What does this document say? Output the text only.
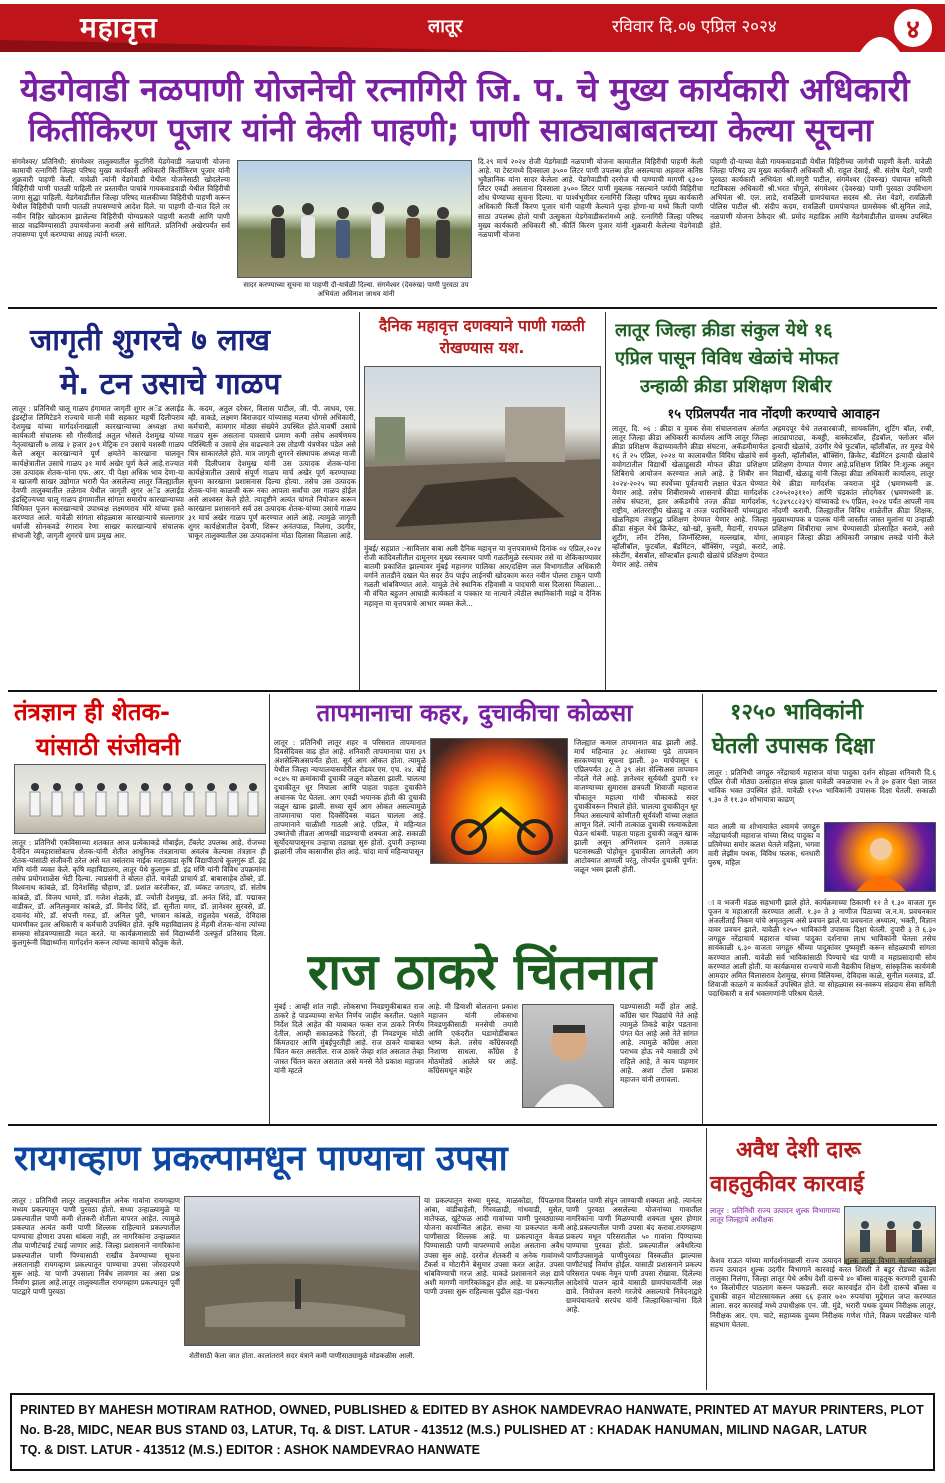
महावृत्त	लातूर	रविवार दि.०७ एप्रिल २०२४	४
येडगेवाडी नळपाणी योजनेची रत्नागिरी जि. प. चे मुख्य कार्यकारी अधिकारी
किर्तीकिरण पूजार यांनी केली पाहणी; पाणी साठ्याबाबतच्या केल्या सूचना
संगमेश्वर/ प्रतिनिधी: संगमेश्वर तालुक्यातील कुटगिरी येडगेवाडी नळपाणी योजना कामाची रत्नागिरी जिल्हा परिषद मुख्य कार्यकारी अधिकारी किर्तीकिरण पूजार यांनी शुक्रवारी पाहणी केली. यावेळी त्यांनी येडगेवाडी येथील योजनेसाठी खोदलेल्या विहिरीची पाणी पातळी पाहिली तर प्रस्तावीत पाचांबे गायकवाडवाडी येथील विहिरीची जागा सुद्धा पाहिली. येडगेवाडीतील जिल्हा परिषद मालकीच्या विहिरीची पाहणी करून येथील विहिरीची पाणी पातळी तपासण्याचे आदेश दिले. या पाहणी दौ-यात दिले तर नवीन विहिर खोदकाम झालेल्या विहिरीची योग्यप्रकारे पाहणी करावी आणि पाणी साठा वाढविण्यासाठी उपाययोजना करावी असे सांगितले. प्रतिनिधी अखेरपर्यंत सर्व तपासण्या पूर्ण करण्याचा आग्रह त्यांनी धरला.
सादर करण्याच्या सूचना या पाहणी दौ-यावेळी दिल्या. संगमेश्वर (देवरुख) पाणी पुरवठा उप अभियंता अविनाश जाधव यांनी
दि.२९ मार्च २०२४ रोजी येडगेवाडी नळपाणी योजना कामातील विहिरीची पाहणी केली आहे. या टेस्टमध्ये दिवसाला ३५०० लिटर पाणी उपलब्ध होत असल्याचा अहवाल कनिष्ठ भुवैज्ञानिक यांना सादर केलेला आहे. येडगेवाडीची दररोज ची पाण्याची मागणी ६३०० लिटर एवढी असताना दिवसाला ३५०० लिटर पाणी मुबलक नसल्याने पर्यायी विहिरीचा शोध घेण्याच्या सूचना दिल्या. या पार्श्वभूमीवर रत्नागिरी जिल्हा परिषद मुख्य कार्यकारी अधिकारी किर्ती किरण पूजार यांनी पाहणी केल्याने पुन्हा होणा-या मध्ये किती पाणी साठा उपलब्ध होतो याची उत्सुकता येडगेवाडीकरांमध्ये आहे. रत्नागिरी जिल्हा परिषद मुख्य कार्यकारी अधिकारी श्री. कीर्ति किरण पुजार यांनी शुक्रवारी केलेल्या येडगेवाडी नळपाणी योजना
पाहणी दौ-याच्या वेळी गायकवाडवाडी येथील विहिरीच्या जागेची पाहणी केली. यावेळी जिल्हा परिषद उप मुख्य कार्यकारी अधिकारी श्री. राहुल देसाई, श्री. संतोष येडगे, पाणी पुरवठा कार्यकारी अभियंता श्री.मगुरी पाटील, संगमेश्वर (देवरुख) पंचायत समिती गटविकास अधिकारी श्री.भरत चौगुले, संगमेश्वर (देवरुख) पाणी पुरवठा उपविभाग अभियंता श्री. एल. लाडे, रावळिली ग्रामपंचायत सदस्य श्री. लेश येडगे, रावळिली पोलिस पाटील श्री. संदीप कदम, रावळिली ग्रामपंचायत ग्रामसेवक श्री.सुनिल लाडे, नळपाणी योजना ठेकेदार श्री. प्रमोद महाडिक आणि येडगेवाडीतील ग्रामस्थ उपस्थित होते.
जागृती शुगरचे ७ लाख
मे. टन उसाचे गाळप
लातूर : प्रतिनिधी चालू गाळप हंगामात जागृती शुगर अॅड अलाईड इंडस्ट्रीज लिमिटेडने राज्याचे माजी मंत्री सहकार महर्षी दिलीपराव देशमुख यांच्या मार्गदर्शनाखाली कारखान्याच्या अध्यक्षा तथा कार्यकारी संचालक सौ गौरवीताई अतुल भोसले देशमुख यांच्या नेतृत्वाखाली ७ लाख २ हजार ३०९ मेट्रिक टन उसाचे यशस्वी गाळप केले असून कारखान्याने पूर्ण क्षमतेने कारखाना चालवून कार्यक्षेत्रातील उसाचे गाळप ३१ मार्च अखेर पूर्ण केले आहे.राज्यात उस उत्पादक शेतक-यांना एफ. आर. पी पेक्षा अधिक भाव देणा-या व खाजगी साखर उद्योगात भरारी घेत असलेल्या लातूर जिल्ह्यातील देवणी तालुक्यातील तळेगाव येथील जागृती शुगर अॅड अलाईड इंडस्ट्रिज्यच्या चालू गाळप हंगामातील सांगता समारोप कारखान्याच्या विधिवत पूजन कारखान्याचे उपाध्यक्ष लक्ष्मणराव मोरे यांच्या हस्ते करण्यात आले. यावेळी सांगता सोहळ्यास कारखान्याचे सल्लागार धर्माजी सोनकवडे रंगाराव रेणा साखर कारखान्याचे संचालक संभाजी रेड्डी, जागृती शुगरचे ग्राम प्रमुख आर.
के. कदम, अतुल दरेकर, विलास पाटील, जी. पी. जाधव, एस. व्ही. वाकडे, लक्ष्मण बिराजदार यांच्यासह मलवा धोगसे अधिकारी, कर्मचारी, कामगार मोठ्या संख्येने उपस्थित होते.यावर्षी उसाचे गाळप सुरू असताना पावसाचे प्रमाण कमी तसेच अवर्षणमय परिस्थिती व उसाचे क्षेत्र वाढल्याने उस तोडणी यंत्रणेवर पडेल असे चित्र साकारलेले होते. मात्र जागृती शुगरने संस्थापक अध्यक्ष माजी मंत्री दिलीपराव देशमुख यांनी उस उत्पादक शेतक-यांना कार्यक्षेत्रातील उसाचे संपूर्ण गाळप मार्च अखेर पूर्ण करण्याच्या सूचना कारखाना प्रशासनास दिल्या होत्या. तसेच उस उत्पादक शेतक-यांना काळजी करू नका आपला सर्वांचा उस गाळप होईल असे आश्वस्त केले होते. त्यादृष्टीने अत्यंत चांगले नियोजन करून कारखाना प्रशासनाने सर्व उस उत्पादक शेतक-यांच्या उसाचे गाळप ३१ मार्च अखेर गाळप पूर्ण करण्यात आले आहे. त्यामुळे जागृती शुगर कार्यक्षेत्रातील देवणी, शिरूर अनंतपाळ, निलंगा, उदगीर, चाकूर तालुक्यातील उस उत्पादकांना मोठा दिलासा मिळाला आहे.
दैनिक महावृत्त दणक्याने पाणी गळती रोखण्यास यश.
मुंबई/ सहप्रात :-सावित्तार बाबा अली दैनिक महावृत्त या वृत्तपत्रामध्ये दिनांक ०४ एप्रिल,२०२४ रोजी कांदिवलीतील दामूनगर मुख्य रस्त्यावर पाणी गळतीमुळे रस्त्यावर तसे या शेकिकाण्यावर बातमी प्रकाशित झाल्यावर मुंबई महानगर पालिका आर/दक्षिण जल विभागातील अधिकारी वर्गाने तातडीने दखल घेत सदर ठेंप पाईप लाईनची खोदकाम करत नवीन पोलरा टाकून पाणी गळती थांबविण्यात आले. यामुळे तेथे स्थानिक रहिवासी व पादचारी यास दिलासा मिळाला... मी वंचित बहुजन आघाडी कार्यकर्ता व पत्रकार या नात्याने त्येठील स्थानिकांनी माझे व दैनिक महावृत्त या वृत्तपत्राचे आभार व्यक्त केले...
लातूर जिल्हा क्रीडा संकुल येथे १६
एप्रिल पासून विविध खेळांचे मोफत
उन्हाळी क्रीडा प्रशिक्षण शिबीर
१५ एप्रिलपर्यंत नाव नोंदणी करण्याचे आवाहन
लातूर, दि. ०६ : क्रीडा व युवक सेवा संचालनालय अंतर्गत लातूर जिल्हा क्रीडा अधिकारी कार्यालय आणि लातूर जिल्हा क्रीडा प्रशिक्षण केंद्राच्यावतीने क्रीडा संघटना, अकॅडमीमार्फत १६ ते २५ एप्रिल, २०२४ या कालावधीत विविध खेळांचे सर्व वयोगटातील विद्यार्थी खेळाडूसाठी मोफत क्रीडा प्रशिक्षण शिबिराचे आयोजन करण्यात आले आहे. हे शिबीर सन २०२४-२०२५ च्या स्पर्धेच्या पूर्वतयारी लक्षात घेऊन घेण्यात येणार आहे. तसेच शिबीरामध्ये शासनाचे क्रीडा मार्गदर्शक तसेच संघटना, इतर अकॅडमीचे तज्ज्ञ क्रीडा मार्गदर्शक, राष्ट्रीय, आंतरराष्ट्रीय खेळाडू व तज्ज्ञ पदाधिकारी यांच्याद्वारा खेळनिहाय तंत्रशुद्ध प्रशिक्षण देण्यात येणार आहे. जिल्हा क्रीडा संकुल येथे क्रिकेट, खो-खो, कुस्ती, मैदानी, रायफल शुटींग, लॉन टेनिस, जिम्नॅस्टिक्स, मल्लखांब, योगा, व्हॉलीबॉल, फुटबॉल, बॅडमिंटन, बॉक्सिंग, ज्युडो, कराटे, स्केटींग, बेसबॉल, सॉफ्टबॉल इत्यादी खेळांचे प्रशिक्षण देण्यात येणार आहे. तसेच
अहमदपूर येथे तलवारबाजी, सायकलिंग, शुटिंग बॉल, रग्बी, आट्यापाट्या, कबड्डी, बास्केटबॉल, हँडबॉल, फ्लोअर बॉल इत्यादी खेळांचे, उदगीर येथे फुटबॉल, व्हॉलीबॉल, तर मुरुड येथे कुस्ती, व्हॉलीबॉल, बॉक्सिंग, क्रिकेट, बॅडमिंटन इत्यादी खेळांचे प्रशिक्षण देण्यात येणार आहे.प्रशिक्षण शिबिर नि:शुल्क असून विद्यार्थी, खेळाडू यांनी जिल्हा क्रीडा अधिकारी कार्यालय, लातूर येथे क्रीडा मार्गदर्शक जयराज मुंडे (भ्रमणध्वनी क्र. ८२०५२०३११०) आणि चंद्रकांत लोदगेकर (भ्रमणध्वनी क्र. ९८३४९८८२३९) यांच्याकडे १५ एप्रिल, २०२४ पर्यंत आपली नाव नोंदणी करावी. जिल्ह्यातील विविध शाळेतील क्रीडा शिक्षक, मुख्याध्यापक व पालक यांनी जास्तीत जास्त मुलांना या उन्हाळी प्रशिक्षण शिबीराचा लाभ घेण्यासाठी प्रोत्साहित करावे, असे आवाहन जिल्हा क्रीडा अधिकारी जगन्नाथ लकडे यांनी केले आहे.
तंत्रज्ञान ही शेतक-
यांसाठी संजीवनी
लातूर : प्रतिनिधी एकविसाव्या शतकात आज प्रत्येकाकडे मोबाईल, टॅबलेट उपलब्ध आहे. रोजच्या दैनंदिन व्यवहारासोबतच शेतक-यांनी शेतीत आधुनिक तंत्रज्ञानाचा अवलंब केल्यास तंत्रज्ञान ही शेतक-यांसाठी संजीवनी ठरेल असे मत वसंतराव नाईक मराठवाडा कृषि विद्यापीठाचे कुलगुरू डॉ. इंद्र मणि यांनी व्यक्त केले. कृषि महाविद्यालय, लातूर येथे कुलगुरू डॉ. इंद्र मणि यांनी विविध उपक्रमांना तसेच प्रयोगशाळेस भेटी दिल्या. त्याप्रसंगी ते बोलत होते. यावेळी प्राचार्य डॉ. बाबासाहेब ठोंबरे, डॉ. विश्वनाथ कांबळे, डॉ. दिनेशसिंह चौहाण, डॉ. प्रशांत करंजीकर, डॉ. व्यंकट जगताप, डॉ. संतोष कांबळे, डॉ. विजय भामरे, डॉ. गजेश शेळके, डॉ. ज्योती देशमुख, डॉ. अनंत शिंदे, डॉ. पद्माकर वाडीकर, डॉ. अनिलकुमार कांबळे, डॉ. विनोद शिंदे, डॉ. सुनीता मगर, डॉ. ज्ञानेश्वर सुरवसे, डॉ. दयानंद मोरे, डॉ. संपत्ती गरुड, डॉ. अनिल पुरी, भगवान कांबळे, राहुलदेव भसळे, देविदास घामणीकर इतर अधिकारी व कर्मचारी उपस्थित होते. कृषि महाविद्यालय हे मेहमी शेतक-यांना त्यांच्या समस्या सोडवण्यासाठी मदत करते. या कार्यक्रमासाठी सर्व विद्यार्थ्यांनी उत्स्फूर्त प्रतिसाद दिला. कुलगुरूंनी विद्यार्थ्यांना मार्गदर्शन करून त्यांच्या कामाचे कौतुक केले.
तापमानाचा कहर, दुचाकीचा कोळसा
लातूर : प्रतिनिधी लातूर शहर व परिसरात तापमानात दिवसेंदिवस वाढ होत आहे. शनिवारी तापमानाचा पारा ३९ अंशसेल्सिअसपर्यंत होता. सूर्य आग ओकत होता. त्यामुळे येथील जिल्हा न्यायालयासमोरील रोडवर एम. एच. २४. बीई ०८४५ या क्रमांकाची दुचाकी जळून कोळसा झाली. चालत्या दुचाकीतून धूर निघाला आणि पाहता पाहता दुचाकीने अचानक पेट घेतला. आग एवढी भयानक होती की दुचाकी जळून खाक झाली. सध्या सूर्य आग ओकत असल्यामुळे तापमानाचा पारा दिवसेंदिवस वाढत चालला आहे. तापमानाने चाळीशी गाठली आहे. एप्रिल, मे महिन्यात उष्णतेची तीव्रता आणखी वाढण्याची शक्यता आहे. सकाळी सूर्योदयापासूनच उन्हाचा तडाखा सुरु होतो. दुपारी उन्हाच्या झळांनी जीव कासावीस होत आहे. चांदा मार्च महिन्यापासून
जिल्ह्यात कमाल तापमानात वाढ झाली आहे. मार्च महिन्यात ३८ अंशाच्या पुढे तापमान सरकण्याचा सूचना झाली. ३० मार्चपासून ६ एप्रिलपर्यंत ३८ ते ३९ अंश सेल्सिअस तापमान नोंदले गेले आहे. ज्ञानेश्वर सूर्यवंशी दुपारी १२ वाजण्याच्या सुमारास छत्रपती शिवाजी महाराज चौकातून महात्मा गांधी चौकाकडे सदर दुचाकीवरून निघाले होते. चालत्या दुचाकीतून धूर निघत असल्याचे कोणीतरी सूर्यवंशी यांच्या लक्षात आणून दिले. त्यांनी तात्काळ दुचाकी रस्त्याकडेला घेऊन थांबवी. पाहता पाहता दुचाकी जळून खाक झाली असून अग्निशमन दलाने तत्काळ घटनास्थळी पोहोचून दुचाकीला लागलेली आग आटोक्यात आणली परंतु, तोपर्यंत दुचाकी पूर्णत: जळून भस्म झाली होती.
१२५० भाविकांनी
घेतली उपासक दिक्षा
लातूर : प्रतिनिधी जगद्गुरु नरेंद्राचार्य महाराज यांचा पादुका दर्शन सोहळा शनिवारी दि.६ एप्रिल रोजी मोठ्या उत्साहात संपन्न झाला यावेळी जवळपास २५ ते ३० हजार पेक्षा जास्त भाविक भक्त उपस्थित होते. यावेळी १२५० भाविकांनी उपासक दिक्षा घेतली. सकाळी ९.३० ते ११.३० शोभायात्रा काढण्
यात आली या शोभायात्रेत श्यामचे जगद्गुरु नरेंद्राचार्यजी महाराज यांच्या सिध्द पादुका व प्रतिमेच्या समोर कलश घेतले महिला, भगवा वारी लेझीम पथक, विविध फलक, धनधारी पुरुष, महिल
ा व भजनी मंडळ सहभागी झाले होते. कार्यक्रमाच्या ठिकाणी १२ ते १.३० वाजता गुरु पूजन व महाआरती करण्यात आली. १.३० ते ३ नाणीज पिठाच्या ज.न.म. प्रवचनकार अंजलीताई निकम यांचे अमृततुल्य असे प्रवचन झाले.या प्रवचनात अध्यात्म, भक्ती, विज्ञान यावर प्रवचन झाले. यावेळी १२५० भाविकांनी उपासक दिक्षा घेतली. दुपारी ३ ते ६.३० जगद्गुरु नरेंद्राचार्य महाराज यांच्या पादुका दर्शनाचा लाभ भाविकांनी घेतला तसेच सायंकाळी ६.३० वाजता जगद्गुरु श्रींच्या पादुकांवर पुष्पवृष्टी करून सोहळ्याची सांगता करण्यात आली. यावेळी सर्व भाविकांसाठी पिण्याचे थंड पाणी व महाप्रसादाची सोय करण्यात आली होती. या कार्यक्रमास राज्याचे माजी वैद्यकीय शिक्षण, सांस्कृतिक कार्यमंत्री आमदार अमित विलासराव देशमुख, संगमा विलियम्स, देविदास काळे, सुनील मलवाड, डॉ. शिवाजी काळगे व कार्यकर्ते उपस्थित होते. या सोहळ्यास स्व-स्वरूप संप्रदाय सेवा समिती पदाधिकारी व सर्व भक्तगणांनी परिश्रम घेतले.
राज ठाकरे चिंतनात
मुंबई : आम्ही शांत नाही. लोकसभा निवडणुकीबाबत राज ठाकरे हे पाडव्याच्या सभेत निर्णय जाहीर करतील. पक्षाने निर्देश दिले आहेत की याबाबत फक्त राज ठाकरे निर्णय देतील. आम्ही सकाळकडे फिरतो, ही निवडणूक मोठी किंमतदार आणि मुंबईपुरतीही आहे. राज ठाकरे याबाबत चिंतन करत असतील. राज ठाकरे जेव्हा शांत असतात तेव्हा जास्त चिंतन करत असतात असे मनसे नेते प्रकाश महाजन यांनी म्हटले
आहे. मी डियाशी बोलताना प्रकाश महाजन यांनी लोकसभा निवडणुकीसाठी मनसेची तयारी आणि एकंदरीत घडामोडींबाबत भाष्य केले. तसेच काँग्रेसवरही निशाणा साधला. काँग्रेस हे मोठमोठ्ये आलेले घर आहे. काँग्रेसमधून बाहेर
पडण्यासाठी मर्दी होत आहे. काँग्रेस चार पिढ्यांचे नेते आहे त्यामुळे तिकडे बाहेर पडताना पंगत घेत आहे असे नेते सांगत आहे. त्यामुळे काँग्रेस आता पराभव होऊ नये यासाठी उभे राहिले आहे, ते काय पाहणार आहे. अशा टोला प्रकाश महाजन यांनी लगावला.
रायगव्हाण प्रकल्पामधून पाण्याचा उपसा
लातूर : प्रतिनिधी लातूर तालुक्यातील अनेक गावांना रायगव्हाण मध्यम प्रकल्पातून पाणी पुरवठा होतो. सध्या उन्हाळ्यामुळे या प्रकल्पातील पाणी कमी शेतकरी शेतीला वापरत आहेत. त्यामुळे प्रकल्पात अत्यंत कमी पाणी शिल्लक राहिल्याने प्रकल्पातील पाण्याचा होणारा उपसा थांबला नाही, तर नागरिकांना उन्हाळ्यात तीव्र पाणीटंचाई टंचाई जाणार आहे. जिल्हा प्रशासनाने नागरिकांना प्रकल्पातील पाणी पिण्यासाठी राखीव ठेवण्याच्या सूचना असतानाही रायगव्हाण प्रकल्पातून पाण्याचा उपसा जोरदारपणे सुरू आहे. या पाणी उपसाला निर्बंध लावणार का असा प्रश्न निर्माण झाला आहे.लातूर तालुक्यातील रायगव्हाण प्रकल्पातून पूर्वी पाटद्वारे पाणी पुरवठा
शेतीसाठी केला जात होता. कालांतराने सदर यंत्राने कमी पाणीसाठ्यामुळे मोडकळीस आली.
या प्रकल्पातून सध्या मुरुड, माळकोडा, पिंपळगाव आंबा, वांडीबाहेली, गिरवळाद्री, गांधवाडी, मुसेत, मातेफळ, खुंटेफळ आदी गावांच्या पाणी पुरवठ्याच्या योजना कार्यान्वित आहेत. सध्या या प्रकल्पात कमी पाणीसाठा शिल्लक आहे. या प्रकल्पातून केवळ पिण्यासाठी पाणी वापरण्याचे आदेश असताना अवैध उपसा सुरु आहे. दररोज शेतकरी व अनेक गावांमध्ये टँकर्स व मोटारीने बेसुमार उपसा करत आहेत. उपसा थांबविण्याची गरज आहे. याकडे प्रशासनाने लक्ष द्यावे अशी मागणी नागरिकांकडून होत आहे. या प्रकल्पातील पाणी उपसा सुरू राहिल्यास पुढील दहा-पंधरा
दिवसांत पाणी संपून जाण्याची शक्यता आहे. त्यानंतर पाणी पुरवठा असलेल्या योजनांच्या गावातील नागरिकांना पाणी मिळण्याची शक्यता धूसर होणार आहे.प्रकल्पातील पाणी उपसा बंद करावा.रायगव्हाण प्रकल्प मधून परिसरातील ५० गावांना पिण्याच्या पाण्याचा पुरवठा होतो. प्रकल्पातील अवैधरित्या पाणीउपसामुळे पाणीपुरवठा विस्कळीत झाल्यास पाणीटंचाई निर्माण होईल. यासाठी प्रशासनाने प्रकल्प परिसरात पथक नेमून पाणी उपसा रोखावा. दिलेल्या आदेशांचे पालन व्हावे यासाठी ग्रामपंचायतींनी लक्ष द्यावे. नियोजन करणे गरजेचे असल्याचे निवेदनाद्वारे ग्रामपंचायतचे सरपंच यांनी जिल्हाधिकाऱ्यांना दिले आहे.
अवैध देशी दारू
वाहतुकीवर कारवाई
लातूर : प्रतिनिधी राज्य उत्पादन शुल्क विभागाच्या लातूर जिल्ह्याचे अधीक्षक
केशव राऊत यांच्या मार्गदर्शनाखाली राज्य उत्पादन शुल्क लातूर विभाग कार्यालयाकडून राज्य उत्पादन शुल्क उदगीर विभागाने कारवाई करत शिरशी ते बडूर रोडच्या कडेला तालुका निलंगा, जिल्हा लातूर येथे अवैध देशी दारूचे ४० बॉक्स वाहतूक करणारी दुचाकी ९० किलोमीटर पाठलाग करून पकडली. सदर कारवाईत दोन देशी दारूचे बॉक्स व दुचाकी वाहन मोटारसायकल असा ६६ हजार ७२० रुपयांचा मुद्देमाल जप्त करण्यात आला. सदर कारवाई मध्ये उपाधीक्षक एन. जी. मुंडे, भरारी पथक दुय्यम निरीक्षक लातूर, निरीक्षक आर. एम. चाटे, सहाय्यक दुय्यम निरीक्षक गणेश गोले, विक्रम परळीकर यांनी सहभाग घेतला.
PRINTED BY MAHESH MOTIRAM RATHOD, OWNED, PUBLISHED & EDITED BY ASHOK NAMDEVRAO HANWATE, PRINTED AT MAYUR PRINTERS, PLOT
No. B-28, MIDC, NEAR BUS STAND 03, LATUR, Tq. & DIST. LATUR - 413512 (M.S.) PULISHED AT : KHADAK HANUMAN, MILIND NAGAR, LATUR
TQ. & DIST. LATUR - 413512 (M.S.) EDITOR : ASHOK NAMDEVRAO HANWATE
